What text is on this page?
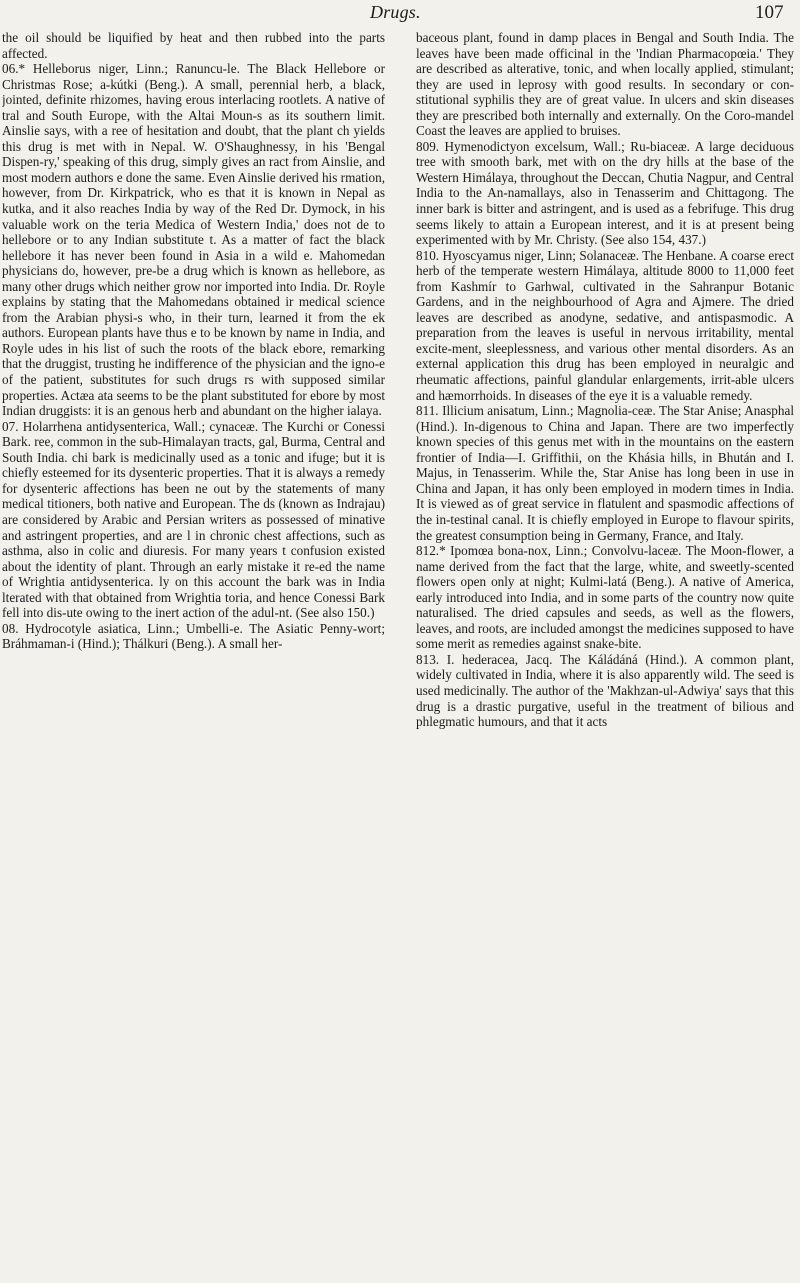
Drugs.	107

the oil should be liquified by heat and then rubbed into the parts affected.

06.* Helleborus niger, Linn.; Ranuncu-le. The Black Hellebore or Christmas Rose; a-kútki (Beng.). A small, perennial herb, a black, jointed, definite rhizomes, having erous interlacing rootlets. A native of tral and South Europe, with the Altai Moun-s as its southern limit. Ainslie says, with a ree of hesitation and doubt, that the plant ch yields this drug is met with in Nepal. W. O'Shaughnessy, in his 'Bengal Dispen-ry,' speaking of this drug, simply gives an ract from Ainslie, and most modern authors e done the same. Even Ainslie derived his rmation, however, from Dr. Kirkpatrick, who es that it is known in Nepal as kutka, and it also reaches India by way of the Red Dr. Dymock, in his valuable work on the teria Medica of Western India,' does not de to hellebore or to any Indian substitute t. As a matter of fact the black hellebore it has never been found in Asia in a wild e. Mahomedan physicians do, however, pre-be a drug which is known as hellebore, as many other drugs which neither grow nor imported into India. Dr. Royle explains by stating that the Mahomedans obtained ir medical science from the Arabian physi-s who, in their turn, learned it from the ek authors. European plants have thus e to be known by name in India, and Royle udes in his list of such the roots of the black ebore, remarking that the druggist, trusting he indifference of the physician and the igno-e of the patient, substitutes for such drugs rs with supposed similar properties. Actæa ata seems to be the plant substituted for ebore by most Indian druggists: it is an genous herb and abundant on the higher ialaya.

07. Holarrhena antidysenterica, Wall.; cynaceæ. The Kurchi or Conessi Bark. ree, common in the sub-Himalayan tracts, gal, Burma, Central and South India. chi bark is medicinally used as a tonic and ifuge; but it is chiefly esteemed for its dysenteric properties. That it is always a remedy for dysenteric affections has been ne out by the statements of many medical titioners, both native and European. The ds (known as Indrajau) are considered by Arabic and Persian writers as possessed of minative and astringent properties, and are l in chronic chest affections, such as asthma, also in colic and diuresis. For many years t confusion existed about the identity of plant. Through an early mistake it re-ed the name of Wrightia antidysenterica. ly on this account the bark was in India lterated with that obtained from Wrightia toria, and hence Conessi Bark fell into dis-ute owing to the inert action of the adul-nt. (See also 150.)

08. Hydrocotyle asiatica, Linn.; Umbelli-e. The Asiatic Penny-wort; Bráhmaman-i (Hind.); Thálkuri (Beng.). A small her-

baceous plant, found in damp places in Bengal and South India. The leaves have been made officinal in the 'Indian Pharmacopœia.' They are described as alterative, tonic, and when locally applied, stimulant; they are used in leprosy with good results. In secondary or con-stitutional syphilis they are of great value. In ulcers and skin diseases they are prescribed both internally and externally. On the Coro-mandel Coast the leaves are applied to bruises.

809. Hymenodictyon excelsum, Wall.; Ru-biaceæ. A large deciduous tree with smooth bark, met with on the dry hills at the base of the Western Himálaya, throughout the Deccan, Chutia Nagpur, and Central India to the An-namallays, also in Tenasserim and Chittagong. The inner bark is bitter and astringent, and is used as a febrifuge. This drug seems likely to attain a European interest, and it is at present being experimented with by Mr. Christy. (See also 154, 437.)

810. Hyoscyamus niger, Linn; Solanaceæ. The Henbane. A coarse erect herb of the temperate western Himálaya, altitude 8000 to 11,000 feet from Kashmír to Garhwal, cultivated in the Sahranpur Botanic Gardens, and in the neighbourhood of Agra and Ajmere. The dried leaves are described as anodyne, sedative, and antispasmodic. A preparation from the leaves is useful in nervous irritability, mental excite-ment, sleeplessness, and various other mental disorders. As an external application this drug has been employed in neuralgic and rheumatic affections, painful glandular enlargements, irrit-able ulcers and hæmorrhoids. In diseases of the eye it is a valuable remedy.

811. Illicium anisatum, Linn.; Magnolia-ceæ. The Star Anise; Anasphal (Hind.). In-digenous to China and Japan. There are two imperfectly known species of this genus met with in the mountains on the eastern frontier of India—I. Griffithii, on the Khásia hills, in Bhután and I. Majus, in Tenasserim. While the, Star Anise has long been in use in China and Japan, it has only been employed in modern times in India. It is viewed as of great service in flatulent and spasmodic affections of the in-testinal canal. It is chiefly employed in Europe to flavour spirits, the greatest consumption being in Germany, France, and Italy.

812.* Ipomœa bona-nox, Linn.; Convolvu-laceæ. The Moon-flower, a name derived from the fact that the large, white, and sweetly-scented flowers open only at night; Kulmi-latá (Beng.). A native of America, early introduced into India, and in some parts of the country now quite naturalised. The dried capsules and seeds, as well as the flowers, leaves, and roots, are included amongst the medicines supposed to have some merit as remedies against snake-bite.

813. I. hederacea, Jacq. The Káládáná (Hind.). A common plant, widely cultivated in India, where it is also apparently wild. The seed is used medicinally. The author of the 'Makhzan-ul-Adwiya' says that this drug is a drastic purgative, useful in the treatment of bilious and phlegmatic humours, and that it acts
